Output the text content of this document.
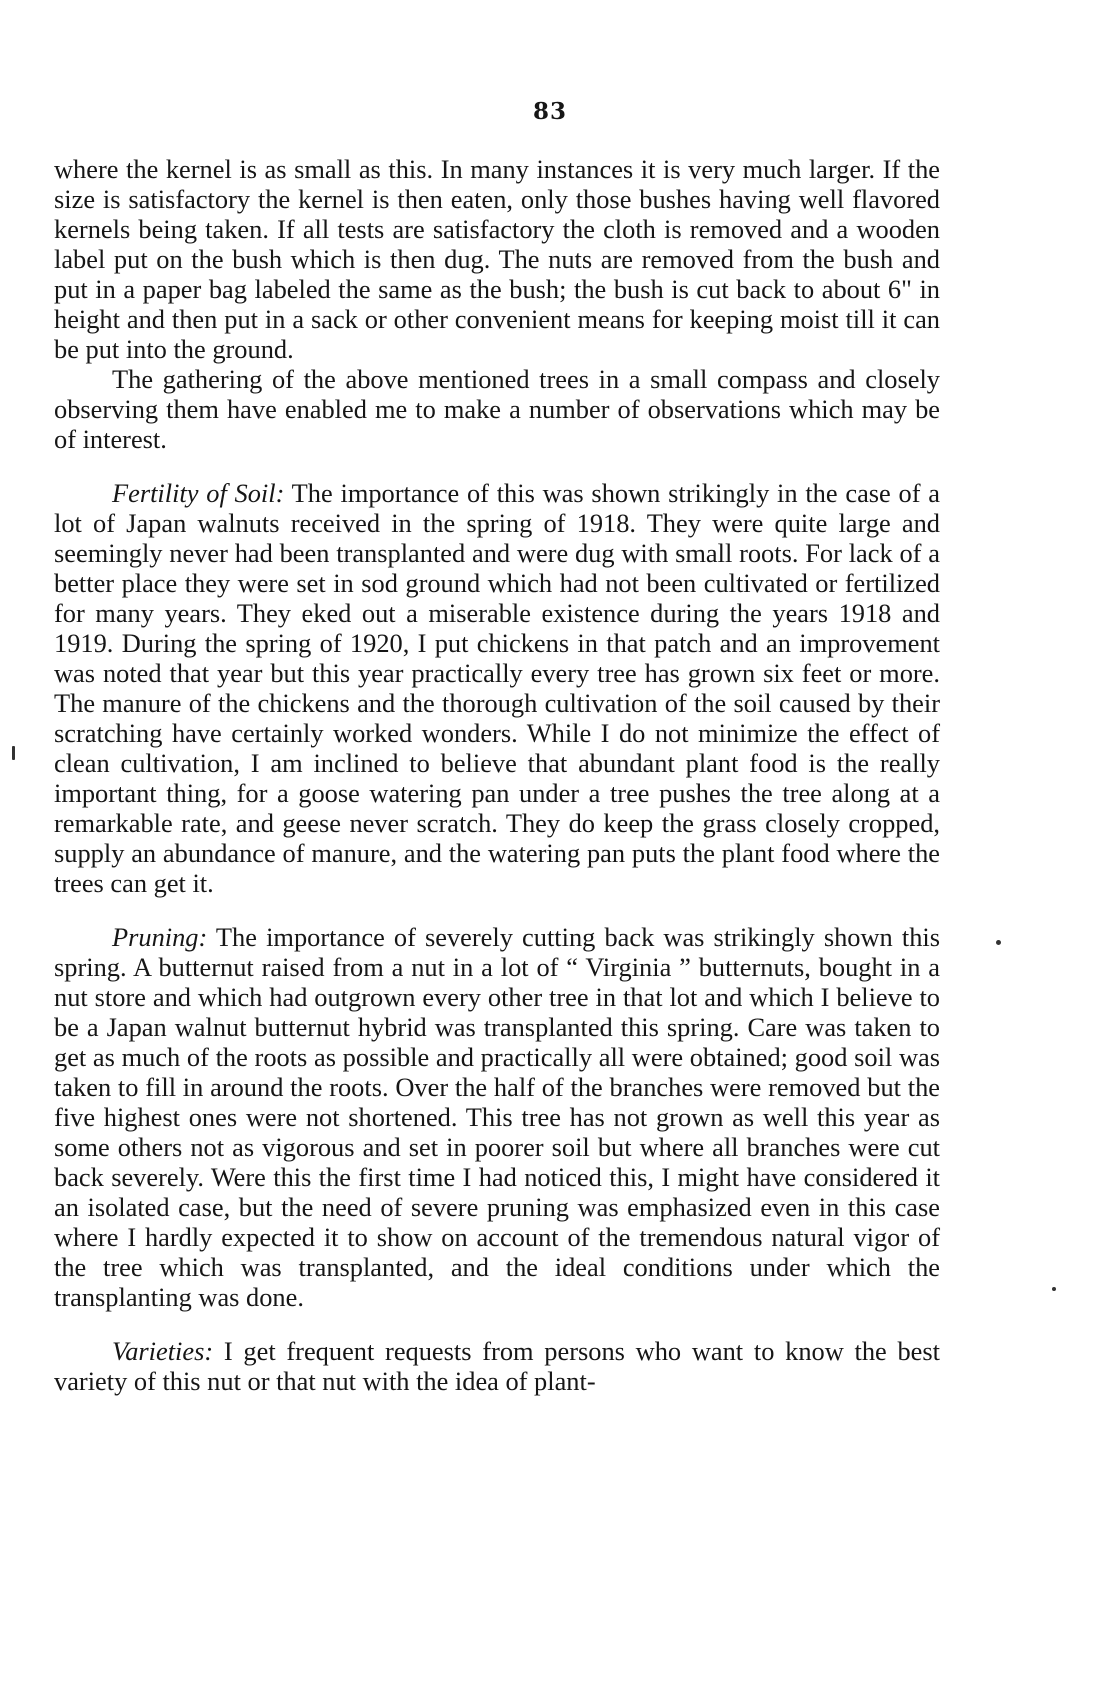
83

where the kernel is as small as this. In many instances it is very much larger. If the size is satisfactory the kernel is then eaten, only those bushes having well flavored kernels being taken. If all tests are satisfactory the cloth is removed and a wooden label put on the bush which is then dug. The nuts are removed from the bush and put in a paper bag labeled the same as the bush; the bush is cut back to about 6" in height and then put in a sack or other convenient means for keeping moist till it can be put into the ground.

The gathering of the above mentioned trees in a small compass and closely observing them have enabled me to make a number of observations which may be of interest.

Fertility of Soil: The importance of this was shown strikingly in the case of a lot of Japan walnuts received in the spring of 1918. They were quite large and seemingly never had been transplanted and were dug with small roots. For lack of a better place they were set in sod ground which had not been cultivated or fertilized for many years. They eked out a miserable existence during the years 1918 and 1919. During the spring of 1920, I put chickens in that patch and an improvement was noted that year but this year practically every tree has grown six feet or more. The manure of the chickens and the thorough cultivation of the soil caused by their scratching have certainly worked wonders. While I do not minimize the effect of clean cultivation, I am inclined to believe that abundant plant food is the really important thing, for a goose watering pan under a tree pushes the tree along at a remarkable rate, and geese never scratch. They do keep the grass closely cropped, supply an abundance of manure, and the watering pan puts the plant food where the trees can get it.

Pruning: The importance of severely cutting back was strikingly shown this spring. A butternut raised from a nut in a lot of “ Virginia ” butternuts, bought in a nut store and which had outgrown every other tree in that lot and which I believe to be a Japan walnut butternut hybrid was transplanted this spring. Care was taken to get as much of the roots as possible and practically all were obtained; good soil was taken to fill in around the roots. Over the half of the branches were removed but the five highest ones were not shortened. This tree has not grown as well this year as some others not as vigorous and set in poorer soil but where all branches were cut back severely. Were this the first time I had noticed this, I might have considered it an isolated case, but the need of severe pruning was emphasized even in this case where I hardly expected it to show on account of the tremendous natural vigor of the tree which was transplanted, and the ideal conditions under which the transplanting was done.

Varieties: I get frequent requests from persons who want to know the best variety of this nut or that nut with the idea of plant-
